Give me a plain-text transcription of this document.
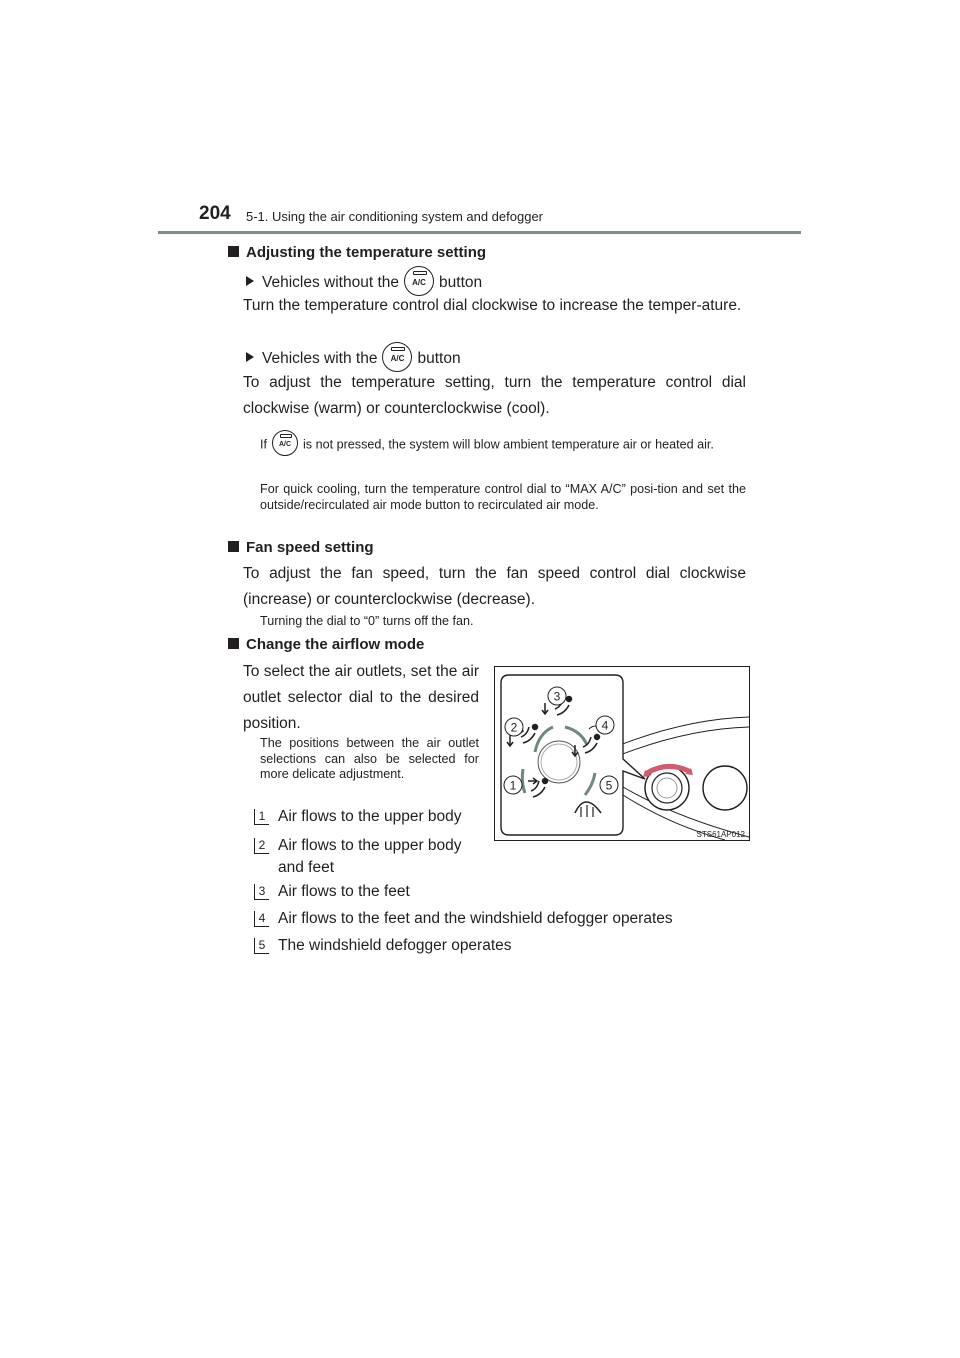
204 5-1. Using the air conditioning system and defogger
Adjusting the temperature setting
Vehicles without the A/C button
Turn the temperature control dial clockwise to increase the temper-ature.
Vehicles with the A/C button
To adjust the temperature setting, turn the temperature control dial clockwise (warm) or counterclockwise (cool).
If A/C is not pressed, the system will blow ambient temperature air or heated air.
For quick cooling, turn the temperature control dial to “MAX A/C” posi-tion and set the outside/recirculated air mode button to recirculated air mode.
Fan speed setting
To adjust the fan speed, turn the fan speed control dial clockwise (increase) or counterclockwise (decrease).
Turning the dial to “0” turns off the fan.
Change the airflow mode
To select the air outlets, set the air outlet selector dial to the desired position.
The positions between the air outlet selections can also be selected for more delicate adjustment.
1 Air flows to the upper body
2 Air flows to the upper body and feet
3 Air flows to the feet
4 Air flows to the feet and the windshield defogger operates
5 The windshield defogger operates
3
2	4
1	5
STS61AP012
